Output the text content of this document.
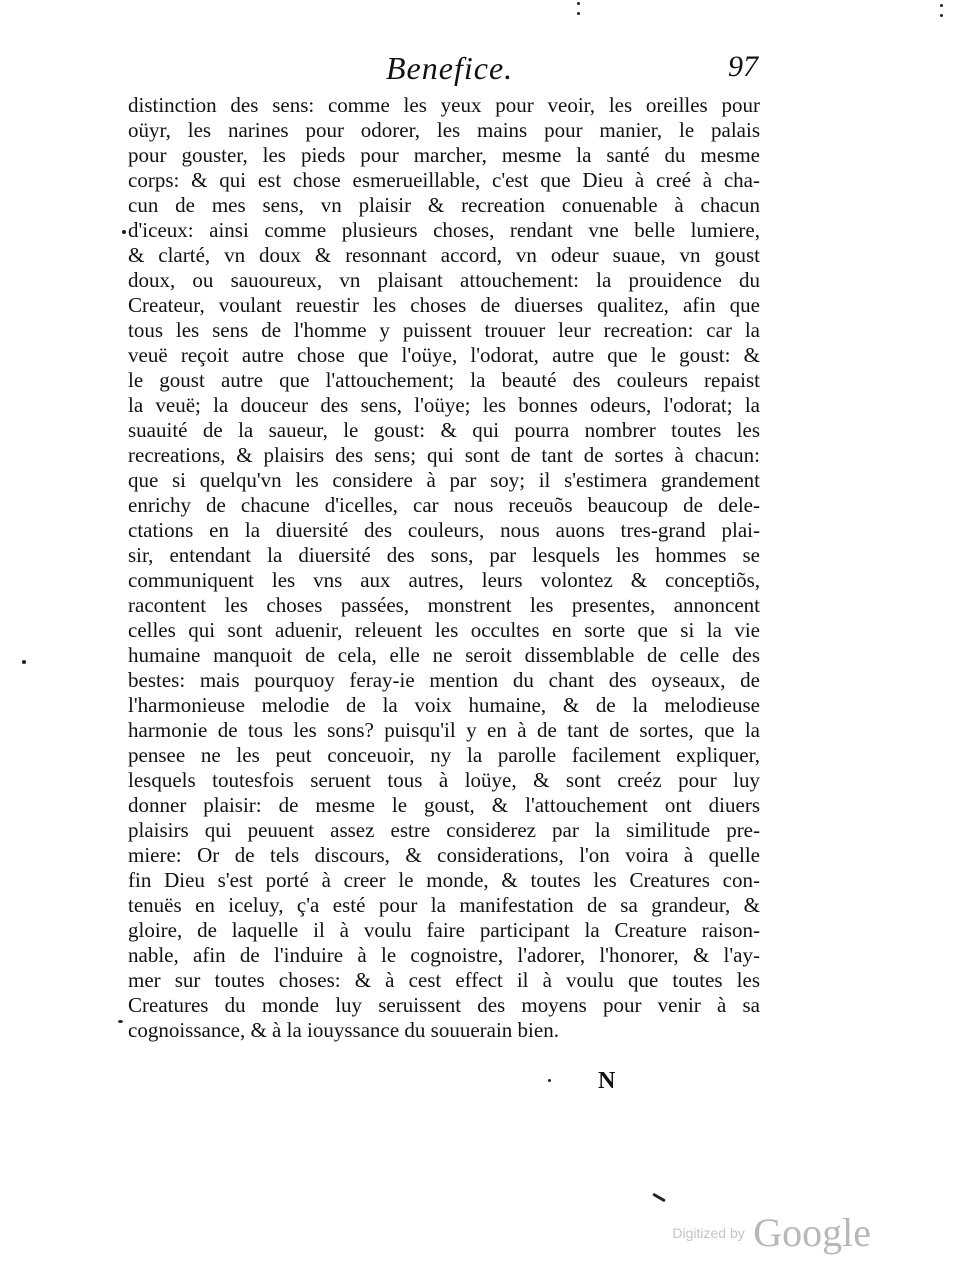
Benefice.	97
distinction des sens: comme les yeux pour veoir, les oreilles pour
oüyr, les narines pour odorer, les mains pour manier, le palais
pour gouster, les pieds pour marcher, mesme la santé du mesme
corps: & qui est chose esmerueillable, c'est que Dieu à creé à cha-
cun de mes sens, vn plaisir & recreation conuenable à chacun
d'iceux: ainsi comme plusieurs choses, rendant vne belle lumiere,
& clarté, vn doux & resonnant accord, vn odeur suaue, vn goust
doux, ou sauoureux, vn plaisant attouchement: la prouidence du
Createur, voulant reuestir les choses de diuerses qualitez, afin que
tous les sens de l'homme y puissent trouuer leur recreation: car la
veuë reçoit autre chose que l'oüye, l'odorat, autre que le goust: &
le goust autre que l'attouchement; la beauté des couleurs repaist
la veuë; la douceur des sens, l'oüye; les bonnes odeurs, l'odorat; la
suauité de la saueur, le goust: & qui pourra nombrer toutes les
recreations, & plaisirs des sens; qui sont de tant de sortes à chacun:
que si quelqu'vn les considere à par soy; il s'estimera grandement
enrichy de chacune d'icelles, car nous receuõs beaucoup de dele-
ctations en la diuersité des couleurs, nous auons tres-grand plai-
sir, entendant la diuersité des sons, par lesquels les hommes se
communiquent les vns aux autres, leurs volontez & conceptiõs,
racontent les choses passées, monstrent les presentes, annoncent
celles qui sont aduenir, releuent les occultes en sorte que si la vie
humaine manquoit de cela, elle ne seroit dissemblable de celle des
bestes: mais pourquoy feray-ie mention du chant des oyseaux, de
l'harmonieuse melodie de la voix humaine, & de la melodieuse
harmonie de tous les sons? puisqu'il y en à de tant de sortes, que la
pensee ne les peut conceuoir, ny la parolle facilement expliquer,
lesquels toutesfois seruent tous à loüye, & sont creéz pour luy
donner plaisir: de mesme le goust, & l'attouchement ont diuers
plaisirs qui peuuent assez estre considerez par la similitude pre-
miere: Or de tels discours, & considerations, l'on voira à quelle
fin Dieu s'est porté à creer le monde, & toutes les Creatures con-
tenuës en iceluy, ç'a esté pour la manifestation de sa grandeur, &
gloire, de laquelle il à voulu faire participant la Creature raison-
nable, afin de l'induire à le cognoistre, l'adorer, l'honorer, & l'ay-
mer sur toutes choses: & à cest effect il à voulu que toutes les
Creatures du monde luy seruissent des moyens pour venir à sa
cognoissance, & à la iouyssance du souuerain bien.
N
Digitized by Google
